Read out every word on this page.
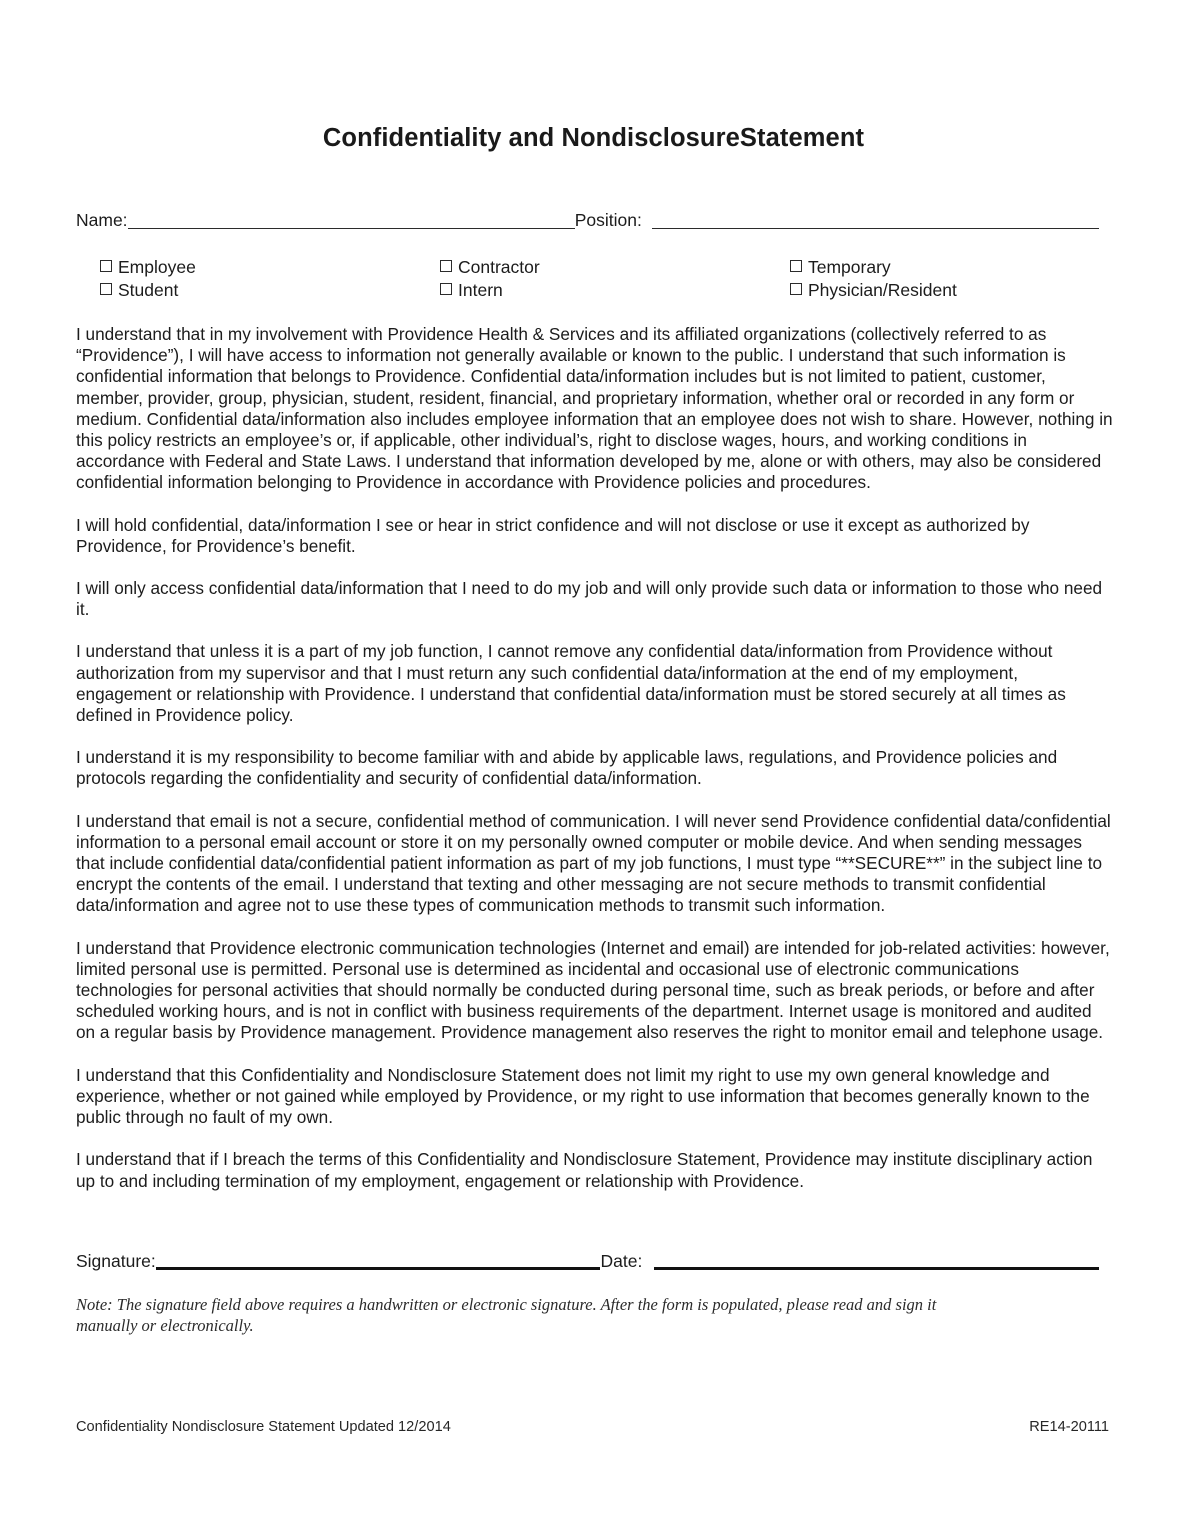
Confidentiality and NondisclosureStatement
Name:	Position:
Employee	Contractor	Temporary
Student	Intern	Physician/Resident

I understand that in my involvement with Providence Health & Services and its affiliated organizations (collectively referred to as “Providence”), I will have access to information not generally available or known to the public. I understand that such information is confidential information that belongs to Providence. Confidential data/information includes but is not limited to patient, customer, member, provider, group, physician, student, resident, financial, and proprietary information, whether oral or recorded in any form or medium. Confidential data/information also includes employee information that an employee does not wish to share. However, nothing in this policy restricts an employee’s or, if applicable, other individual’s, right to disclose wages, hours, and working conditions in accordance with Federal and State Laws. I understand that information developed by me, alone or with others, may also be considered confidential information belonging to Providence in accordance with Providence policies and procedures.

I will hold confidential, data/information I see or hear in strict confidence and will not disclose or use it except as authorized by Providence, for Providence’s benefit.

I will only access confidential data/information that I need to do my job and will only provide such data or information to those who need it.

I understand that unless it is a part of my job function, I cannot remove any confidential data/information from Providence without authorization from my supervisor and that I must return any such confidential data/information at the end of my employment, engagement or relationship with Providence. I understand that confidential data/information must be stored securely at all times as defined in Providence policy.

I understand it is my responsibility to become familiar with and abide by applicable laws, regulations, and Providence policies and protocols regarding the confidentiality and security of confidential data/information.

I understand that email is not a secure, confidential method of communication. I will never send Providence confidential data/confidential information to a personal email account or store it on my personally owned computer or mobile device. And when sending messages that include confidential data/confidential patient information as part of my job functions, I must type “**SECURE**” in the subject line to encrypt the contents of the email. I understand that texting and other messaging are not secure methods to transmit confidential data/information and agree not to use these types of communication methods to transmit such information.

I understand that Providence electronic communication technologies (Internet and email) are intended for job-related activities: however, limited personal use is permitted. Personal use is determined as incidental and occasional use of electronic communications technologies for personal activities that should normally be conducted during personal time, such as break periods, or before and after scheduled working hours, and is not in conflict with business requirements of the department. Internet usage is monitored and audited on a regular basis by Providence management. Providence management also reserves the right to monitor email and telephone usage.

I understand that this Confidentiality and Nondisclosure Statement does not limit my right to use my own general knowledge and experience, whether or not gained while employed by Providence, or my right to use information that becomes generally known to the public through no fault of my own.

I understand that if I breach the terms of this Confidentiality and Nondisclosure Statement, Providence may institute disciplinary action up to and including termination of my employment, engagement or relationship with Providence.

Signature:	Date:
Note: The signature field above requires a handwritten or electronic signature. After the form is populated, please read and sign it manually or electronically.
Confidentiality Nondisclosure Statement Updated 12/2014	RE14-20111
